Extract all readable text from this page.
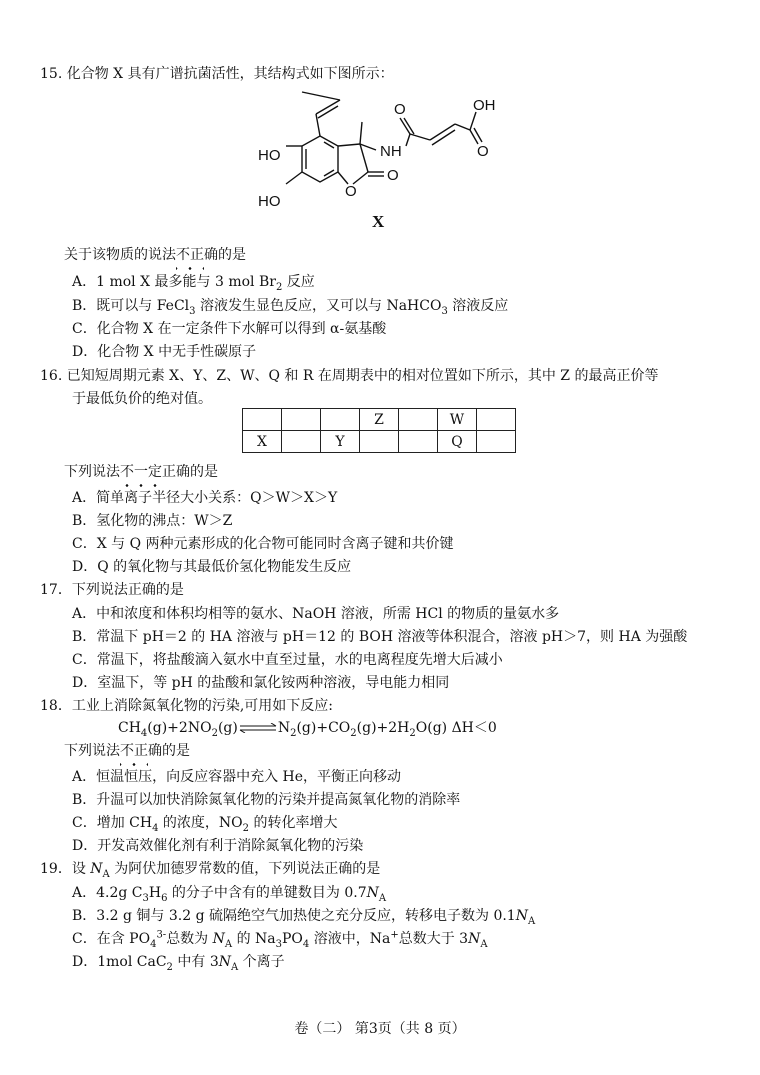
15. 化合物 X 具有广谱抗菌活性，其结构式如下图所示：
OH
O
O
NH
HO
HO
O
O
X
关于该物质的说法不正确的是
A．1 mol X 最多能与 3 mol $Br_2$ 反应
B．既可以与 FeCl$_3$ 溶液发生显色反应，又可以与 NaHCO$_3$ 溶液反应
C．化合物 X 在一定条件下水解可以得到 α-氨基酸
D．化合物 X 中无手性碳原子
16. 已知短周期元素 X、Y、Z、W、Q 和 R 在周期表中的相对位置如下所示，其中 Z 的最高正价等
于最低负价的绝对值。
			Z		W	
X		Y			Q	
下列说法不一定正确的是
A．简单离子半径大小关系：Q＞W＞X＞Y
B．氢化物的沸点：W＞Z
C．X 与 Q 两种元素形成的化合物可能同时含离子键和共价键
D．Q 的氧化物与其最低价氢化物能发生反应
17．下列说法正确的是
A．中和浓度和体积均相等的氨水、NaOH 溶液，所需 HCl 的物质的量氨水多
B．常温下 pH＝2 的 HA 溶液与 pH＝12 的 BOH 溶液等体积混合，溶液 pH＞7，则 HA 为强酸
C．常温下，将盐酸滴入氨水中直至过量，水的电离程度先增大后减小
D．室温下，等 pH 的盐酸和氯化铵两种溶液，导电能力相同
18．工业上消除氮氧化物的污染,可用如下反应:
$CH_4(g)+2NO_2(g)\rightleftharpoons N_2(g)+CO_2(g)+2H_2O(g)$ ΔH＜0
下列说法不正确的是
A．恒温恒压，向反应容器中充入 He，平衡正向移动
B．升温可以加快消除氮氧化物的污染并提高氮氧化物的消除率
C．增加 $CH_4$ 的浓度，$NO_2$ 的转化率增大
D．开发高效催化剂有利于消除氮氧化物的污染
19．设 $N_A$ 为阿伏加德罗常数的值，下列说法正确的是
A．4.2g $C_3H_6$ 的分子中含有的单键数目为 $0.7N_A$
B．3.2 g 铜与 3.2 g 硫隔绝空气加热使之充分反应，转移电子数为 $0.1N_A$
C．在含 $PO_4^{3-}$总数为 $N_A$ 的 $Na_3PO_4$ 溶液中，Na+总数大于 $3N_A$
D．1mol CaC$_2$ 中有 $3N_A$ 个离子
卷（二） 第3页（共 8 页）
